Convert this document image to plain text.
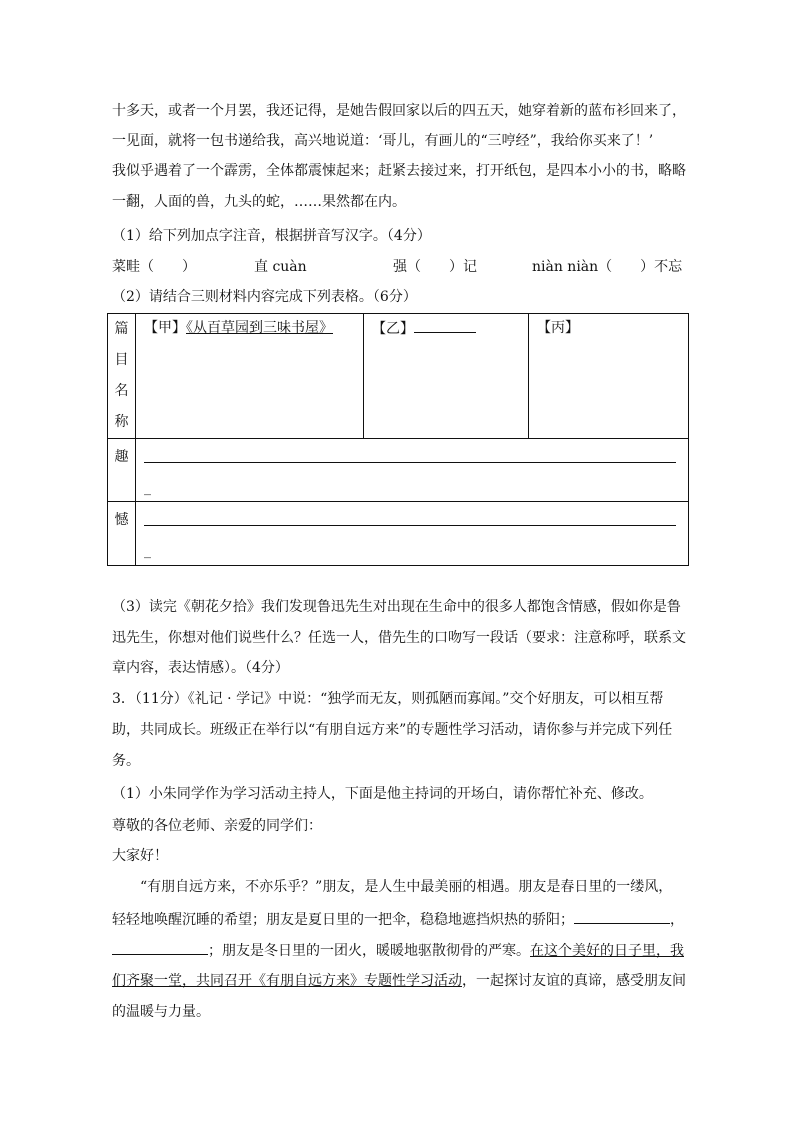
十多天，或者一个月罢，我还记得，是她告假回家以后的四五天，她穿着新的蓝布衫回来了，
一见面，就将一包书递给我，高兴地说道：‘哥儿，有画儿的“三哼经”，我给你买来了！’
我似乎遇着了一个霹雳，全体都震悚起来；赶紧去接过来，打开纸包，是四本小小的书，略略
一翻，人面的兽，九头的蛇，……果然都在内。
（1）给下列加点字注音，根据拼音写汉字。（4分）
菜畦（　　）	直 cuàn	强（　　）记	niàn niàn（　　）不忘
（2）请结合三则材料内容完成下列表格。（6分）
篇
目
名
称	【甲】《从百草园到三味书屋》	【乙】	【丙】
趣	_		

憾	_		
（3）读完《朝花夕拾》我们发现鲁迅先生对出现在生命中的很多人都饱含情感，假如你是鲁
迅先生，你想对他们说些什么？任选一人，借先生的口吻写一段话（要求：注意称呼，联系文
章内容，表达情感）。（4分）
3．（11分）《礼记 · 学记》中说：“独学而无友，则孤陋而寡闻。”交个好朋友，可以相互帮
助，共同成长。班级正在举行以“有朋自远方来”的专题性学习活动，请你参与并完成下列任
务。
（1）小朱同学作为学习活动主持人，下面是他主持词的开场白，请你帮忙补充、修改。
尊敬的各位老师、亲爱的同学们：
大家好！
“有朋自远方来，不亦乐乎？”朋友，是人生中最美丽的相遇。朋友是春日里的一缕风，
轻轻地唤醒沉睡的希望；朋友是夏日里的一把伞，稳稳地遮挡炽热的骄阳；	，
；朋友是冬日里的一团火，暖暖地驱散彻骨的严寒。在这个美好的日子里，我
们齐聚一堂，共同召开《有朋自远方来》专题性学习活动，一起探讨友谊的真谛，感受朋友间
的温暖与力量。
